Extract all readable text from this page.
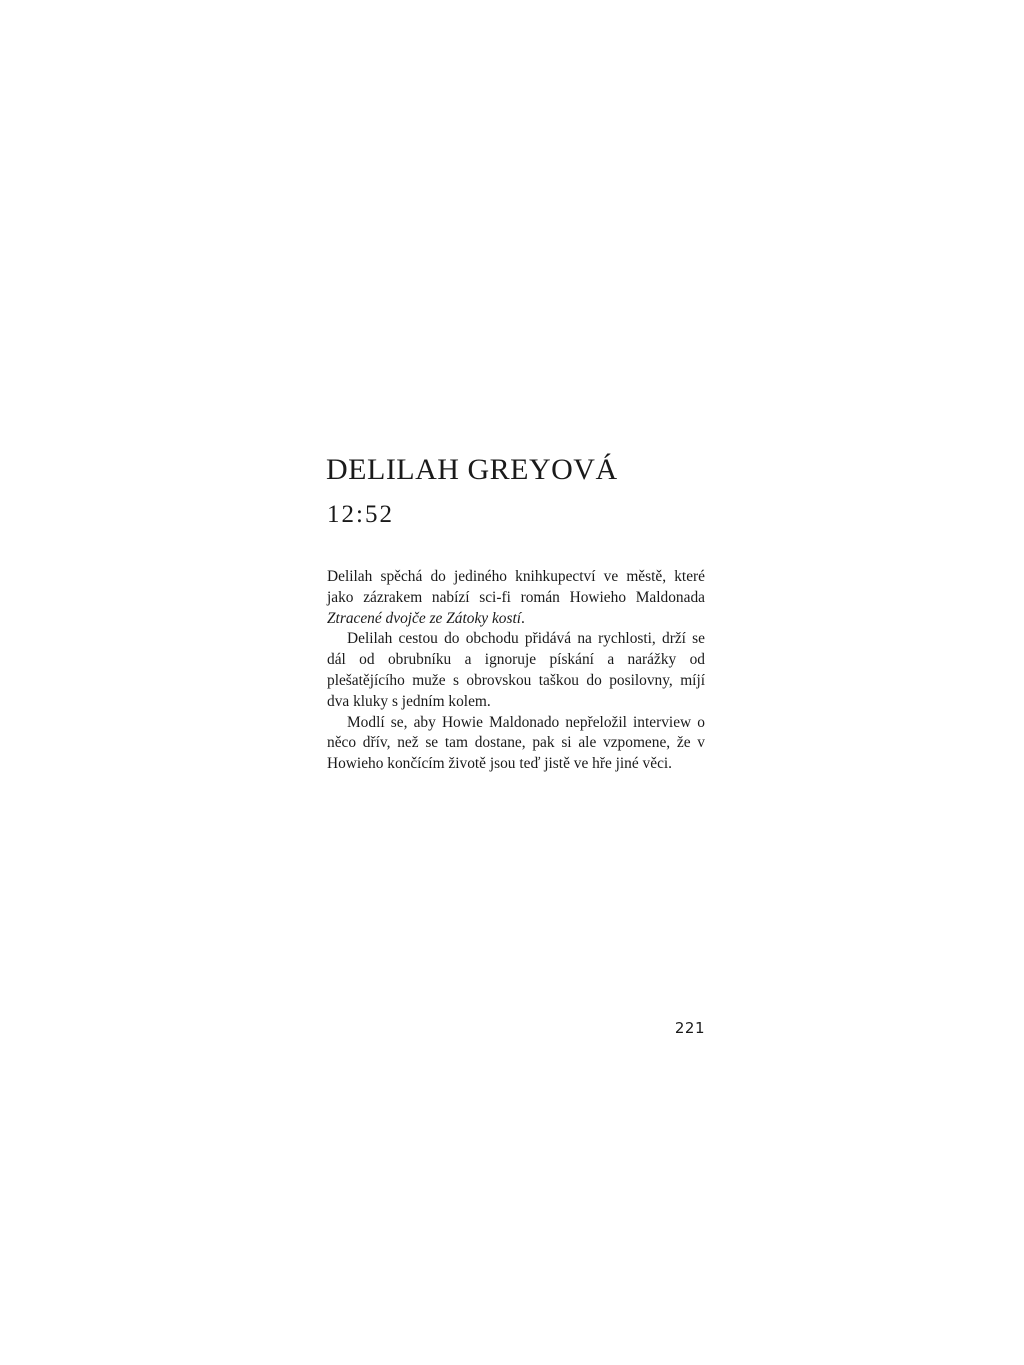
DELILAH GREYOVÁ
12:52

Delilah spěchá do jediného knihkupectví ve městě, které jako zázrakem nabízí sci-fi román Howieho Maldonada Ztracené dvojče ze Zátoky kostí.

Delilah cestou do obchodu přidává na rychlosti, drží se dál od obrubníku a ignoruje pískání a narážky od plešatějícího muže s obrovskou taškou do posilovny, míjí dva kluky s jedním kolem.

Modlí se, aby Howie Maldonado nepřeložil interview o něco dřív, než se tam dostane, pak si ale vzpomene, že v Howieho končícím životě jsou teď jistě ve hře jiné věci.

221
